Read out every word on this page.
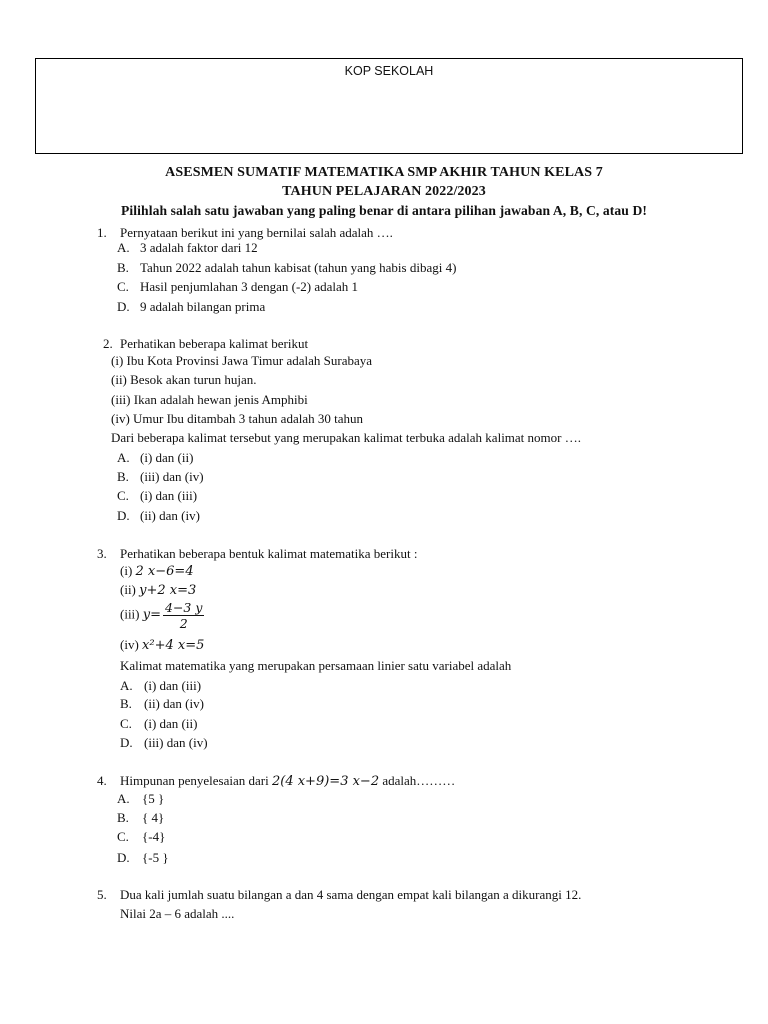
KOP SEKOLAH
ASESMEN SUMATIF MATEMATIKA SMP AKHIR TAHUN KELAS 7
TAHUN PELAJARAN 2022/2023
Pilihlah salah satu jawaban yang paling benar di antara pilihan jawaban A, B, C, atau D!
1. Pernyataan berikut ini yang bernilai salah adalah ….
A. 3 adalah faktor dari 12
B. Tahun 2022 adalah tahun kabisat (tahun yang habis dibagi 4)
C. Hasil penjumlahan 3 dengan (-2) adalah 1
D. 9 adalah bilangan prima
2. Perhatikan beberapa kalimat berikut
(i) Ibu Kota Provinsi Jawa Timur adalah Surabaya
(ii) Besok akan turun hujan.
(iii) Ikan adalah hewan jenis Amphibi
(iv) Umur Ibu ditambah 3 tahun adalah 30 tahun
Dari beberapa kalimat tersebut yang merupakan kalimat terbuka adalah kalimat nomor ….
A. (i) dan (ii)
B. (iii) dan (iv)
C. (i) dan (iii)
D. (ii) dan (iv)
3. Perhatikan beberapa bentuk kalimat matematika berikut :
(i) 2 x−6=4
(ii) y+2 x=3
(iii) $y= \frac{4-3 y}{2}$
(iv) x²+4 x=5
Kalimat matematika yang merupakan persamaan linier satu variabel adalah
A. (i) dan (iii)
B. (ii) dan (iv)
C. (i) dan (ii)
D. (iii) dan (iv)
4. Himpunan penyelesaian dari 2(4 x+9)=3 x−2 adalah………
A. {5 }
B. { 4}
C. {-4}
D. {-5 }
5. Dua kali jumlah suatu bilangan a dan 4 sama dengan empat kali bilangan a dikurangi 12.
Nilai 2a – 6 adalah ....
